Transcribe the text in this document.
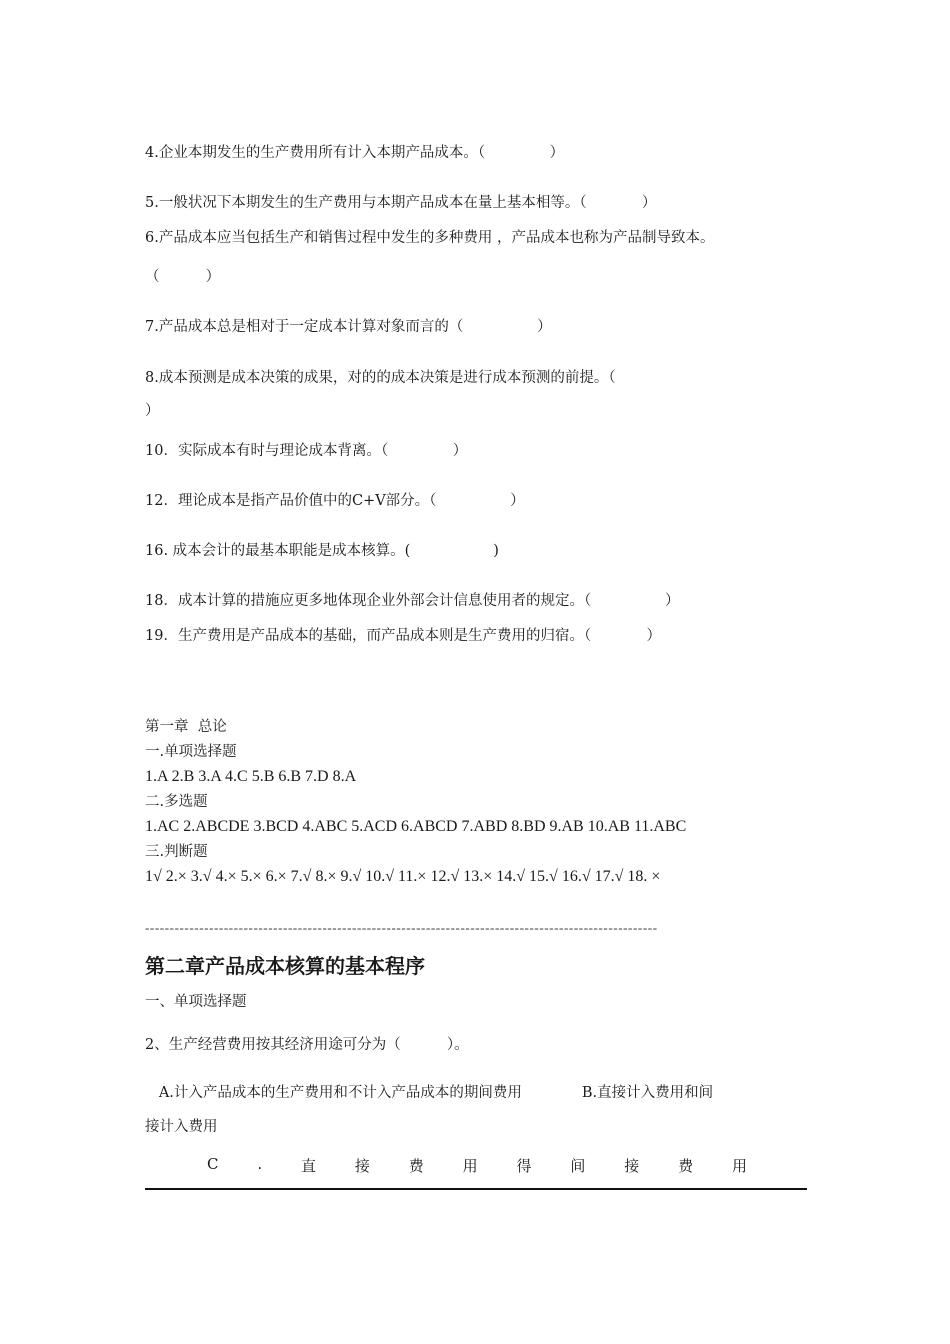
4.企业本期发生的生产费用所有计入本期产品成本。（              ）
5.一般状况下本期发生的生产费用与本期产品成本在量上基本相等。（            ）
6.产品成本应当包括生产和销售过程中发生的多种费用 ，产品成本也称为产品制导致本。
（          ）
7.产品成本总是相对于一定成本计算对象而言的（                ）
8.成本预测是成本决策的成果，对的的成本决策是进行成本预测的前提。（
）
10．实际成本有时与理论成本背离。（              ）
12．理论成本是指产品价值中的C+V部分。（                ）
16. 成本会计的最基本职能是成本核算。(                  )
18．成本计算的措施应更多地体现企业外部会计信息使用者的规定。（                ）
19．生产费用是产品成本的基础，而产品成本则是生产费用的归宿。（            ）
第一章  总论
一.单项选择题
1.A 2.B 3.A 4.C 5.B 6.B 7.D 8.A
二.多选题
1.AC 2.ABCDE 3.BCD 4.ABC 5.ACD 6.ABCD 7.ABD 8.BD 9.AB 10.AB 11.ABC
三.判断题
1√ 2.× 3.√ 4.× 5.× 6.× 7.√ 8.× 9.√ 10.√ 11.× 12.√ 13.× 14.√ 15.√ 16.√ 17.√ 18. ×
--------------------------------------------------------------------------------------------------------
第二章产品成本核算的基本程序
一、单项选择题
2、生产经营费用按其经济用途可分为（          ）。
A.计入产品成本的生产费用和不计入产品成本的期间费用             B.直接计入费用和间
接计入费用
C	.	直	接	费	用	得	间	接	费	用
